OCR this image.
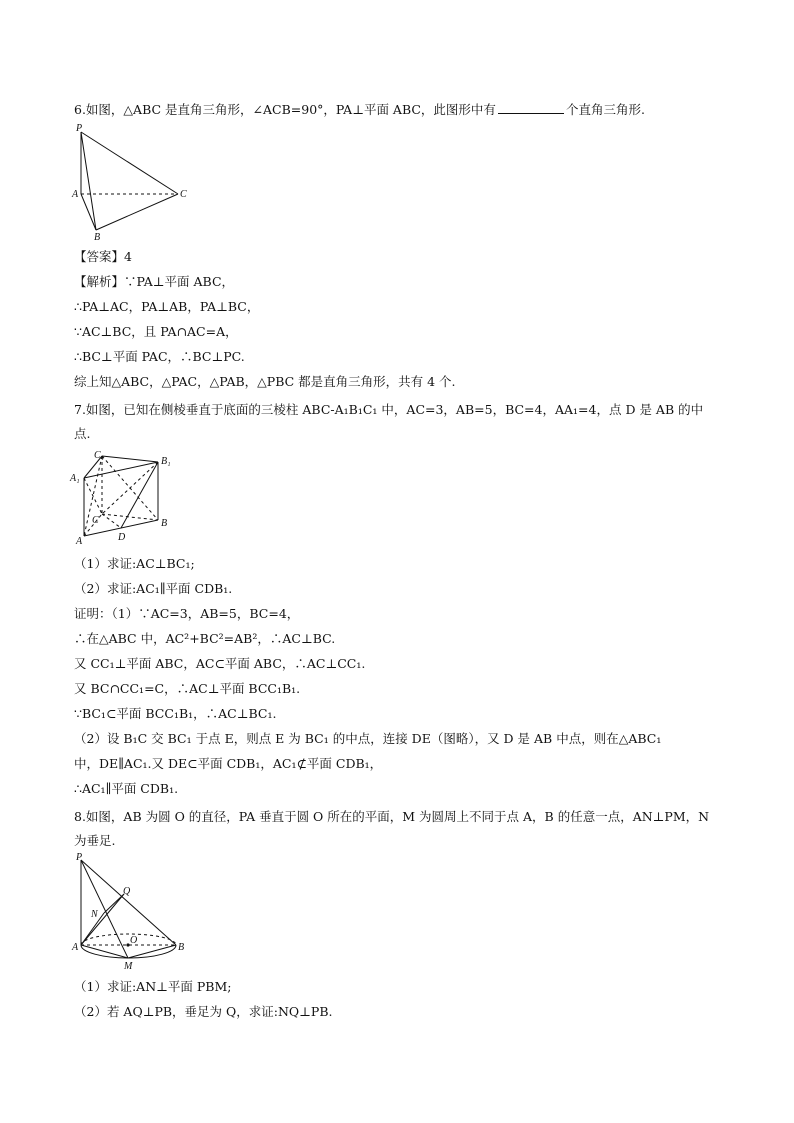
6.如图，△ABC 是直角三角形，∠ACB=90°，PA⊥平面 ABC，此图形中有	个直角三角形.
P
A	C
B
【答案】4
【解析】∵PA⊥平面 ABC，
∴PA⊥AC，PA⊥AB，PA⊥BC，
∵AC⊥BC，且 PA∩AC=A，
∴BC⊥平面 PAC，∴BC⊥PC.
综上知△ABC，△PAC，△PAB，△PBC 都是直角三角形，共有 4 个.
7.如图，已知在侧棱垂直于底面的三棱柱 ABC-A₁B₁C₁ 中，AC=3，AB=5，BC=4，AA₁=4，点 D 是 AB 的中点.
C₁
B₁
A₁
C	B
A	D
（1）求证:AC⊥BC₁;
（2）求证:AC₁∥平面 CDB₁.
证明：（1）∵AC=3，AB=5，BC=4，
∴在△ABC 中，AC²+BC²=AB²，∴AC⊥BC.
又 CC₁⊥平面 ABC，AC⊂平面 ABC，∴AC⊥CC₁.
又 BC∩CC₁=C，∴AC⊥平面 BCC₁B₁.
∵BC₁⊂平面 BCC₁B₁，∴AC⊥BC₁.
（2）设 B₁C 交 BC₁ 于点 E，则点 E 为 BC₁ 的中点，连接 DE（图略），又 D 是 AB 中点，则在△ABC₁
中，DE∥AC₁.又 DE⊂平面 CDB₁，AC₁⊄平面 CDB₁，
∴AC₁∥平面 CDB₁.
8.如图，AB 为圆 O 的直径，PA 垂直于圆 O 所在的平面，M 为圆周上不同于点 A，B 的任意一点，AN⊥PM，N 为垂足.
P
Q
N
A
O
B
M
（1）求证:AN⊥平面 PBM;
（2）若 AQ⊥PB，垂足为 Q，求证:NQ⊥PB.
